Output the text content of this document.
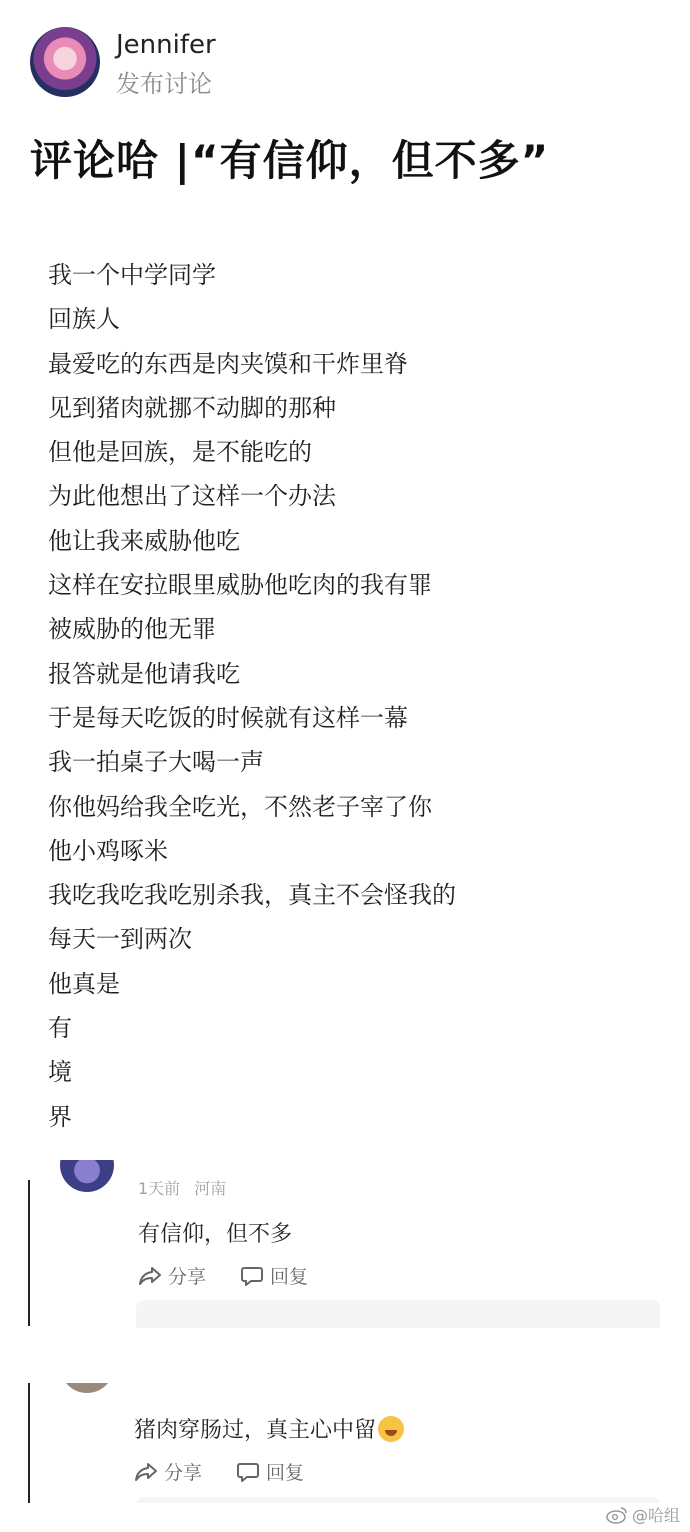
Jennifer
发布讨论
评论哈 |“有信仰，但不多”
我一个中学同学
回族人
最爱吃的东西是肉夹馍和干炸里脊
见到猪肉就挪不动脚的那种
但他是回族，是不能吃的
为此他想出了这样一个办法
他让我来威胁他吃
这样在安拉眼里威胁他吃肉的我有罪
被威胁的他无罪
报答就是他请我吃
于是每天吃饭的时候就有这样一幕
我一拍桌子大喝一声
你他妈给我全吃光，不然老子宰了你
他小鸡啄米
我吃我吃我吃别杀我，真主不会怪我的
每天一到两次
他真是
有
境
界
1天前 河南
有信仰，但不多
分享	回复
猪肉穿肠过，真主心中留
分享	回复
@哈组
